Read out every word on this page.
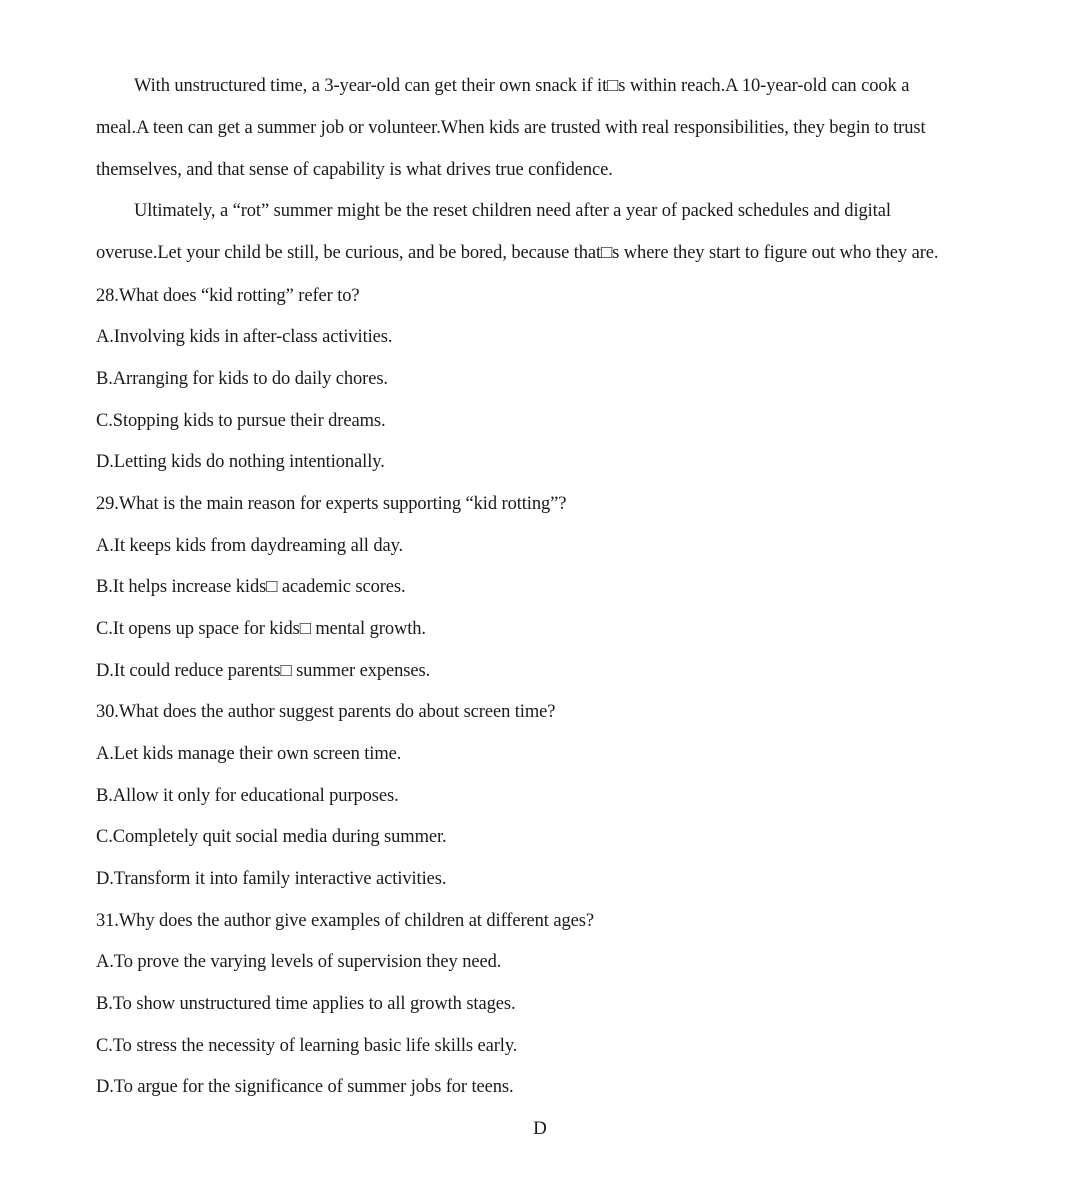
With unstructured time, a 3-year-old can get their own snack if it□s within reach.A 10-year-old can cook a
meal.A teen can get a summer job or volunteer.When kids are trusted with real responsibilities, they begin to trust
themselves, and that sense of capability is what drives true confidence.
Ultimately, a “rot” summer might be the reset children need after a year of packed schedules and digital
overuse.Let your child be still, be curious, and be bored, because that□s where they start to figure out who they are.
28.What does “kid rotting” refer to?
A.Involving kids in after-class activities.
B.Arranging for kids to do daily chores.
C.Stopping kids to pursue their dreams.
D.Letting kids do nothing intentionally.
29.What is the main reason for experts supporting “kid rotting”?
A.It keeps kids from daydreaming all day.
B.It helps increase kids□ academic scores.
C.It opens up space for kids□ mental growth.
D.It could reduce parents□ summer expenses.
30.What does the author suggest parents do about screen time?
A.Let kids manage their own screen time.
B.Allow it only for educational purposes.
C.Completely quit social media during summer.
D.Transform it into family interactive activities.
31.Why does the author give examples of children at different ages?
A.To prove the varying levels of supervision they need.
B.To show unstructured time applies to all growth stages.
C.To stress the necessity of learning basic life skills early.
D.To argue for the significance of summer jobs for teens.
D
